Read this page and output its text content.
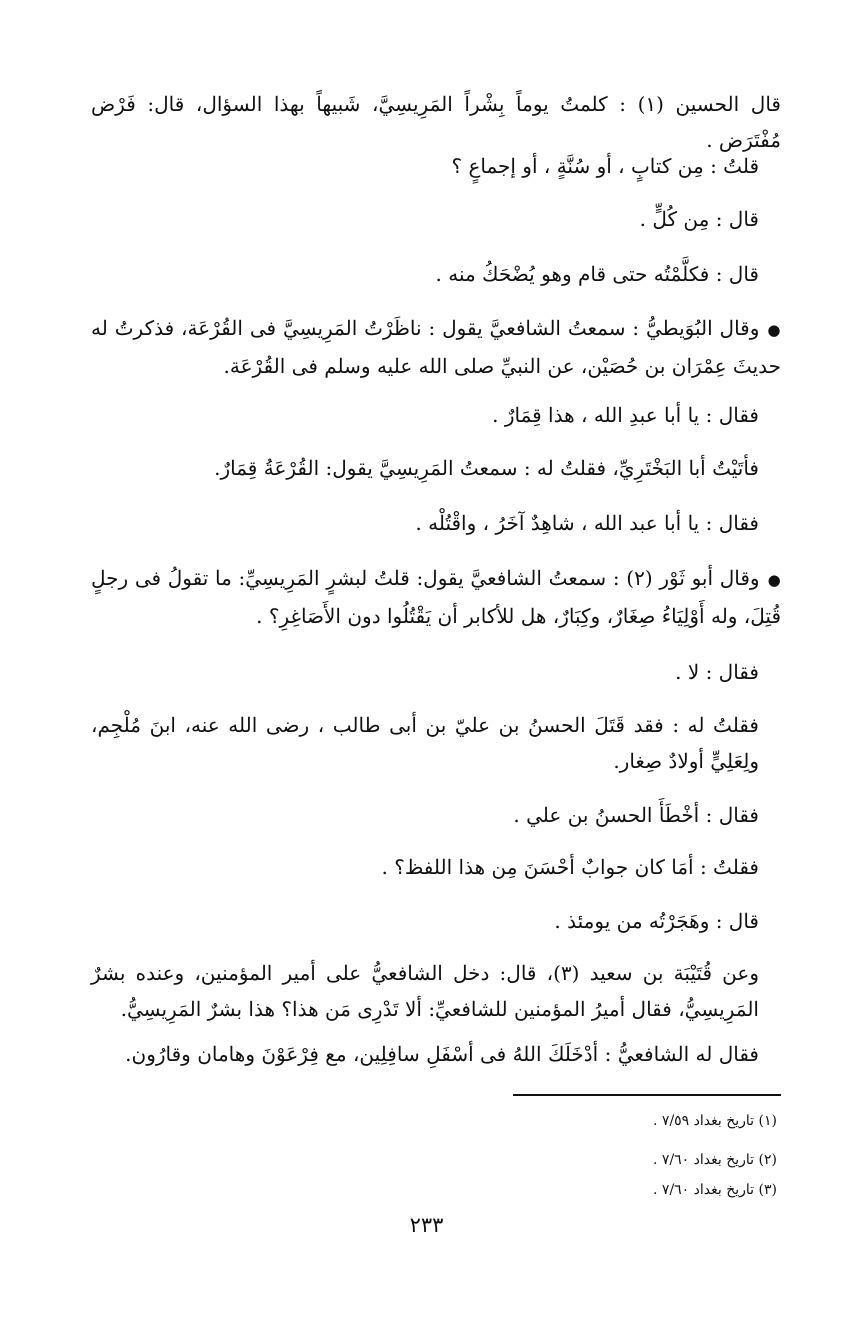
قال الحسين (١) : كلمتُ يوماً بِشْراً المَرِيسِيَّ، شَبيهاً بهذا السؤال، قال: فَرْض مُفْتَرَض .

قلتُ : مِن كتابٍ ، أو سُنَّةٍ ، أو إجماعٍ ؟

قال : مِن كُلٍّ .

قال : فكلَّمْتُه حتى قام وهو يُضْحَكُ منه .

●وقال البُوَيطيُّ : سمعتُ الشافعيَّ يقول : ناظَرْتُ المَرِيسِيَّ فى القُرْعَة، فذكرتُ له حديثَ عِمْرَان بن حُصَيْن، عن النبيِّ صلى الله عليه وسلم فى القُرْعَة.

فقال : يا أبا عبدِ الله ، هذا قِمَارٌ .

فأتَيْتُ أبا البَخْتَرِيِّ، فقلتُ له : سمعتُ المَرِيسِيَّ يقول: القُرْعَةُ قِمَارٌ.

فقال : يا أبا عبد الله ، شاهِدٌ آخَرُ ، واقْتُلْه .

●وقال أبو ثَوْر (٢) : سمعتُ الشافعيَّ يقول: قلتُ لبشرٍ المَرِيسِيِّ: ما تقولُ فى رجلٍ قُتِلَ، وله أَوْلِيَاءُ صِغَارٌ، وكِبَارٌ، هل للأكابر أن يَقْتُلُوا دون الأَصَاغِرِ؟ .

فقال : لا .

فقلتُ له : فقد قَتَلَ الحسنُ بن عليّ بن أبى طالب ، رضى الله عنه، ابنَ مُلْجِم، ولِعَلِيٍّ أولادٌ صِغار.

فقال : أخْطَأَ الحسنُ بن علي .

فقلتُ : أمَا كان جوابٌ أحْسَنَ مِن هذا اللفظ؟ .

قال : وهَجَرْتُه من يومئذ .

وعن قُتَيْبَة بن سعيد (٣)، قال: دخل الشافعيُّ على أمير المؤمنين، وعنده بشرٌ المَرِيسِيُّ، فقال أميرُ المؤمنين للشافعيِّ: ألا تَدْرِى مَن هذا؟ هذا بشرٌ المَرِيسِيُّ.

فقال له الشافعيُّ : أدْخَلَكَ اللهُ فى أسْفَلِ سافِلِين، مع فِرْعَوْنَ وهامان وقارُون.

(١) تاريخ بغداد ٧/٥٩ .
(٢) تاريخ بغداد ٧/٦٠ .
(٣) تاريخ بغداد ٧/٦٠ .
٢٣٣
